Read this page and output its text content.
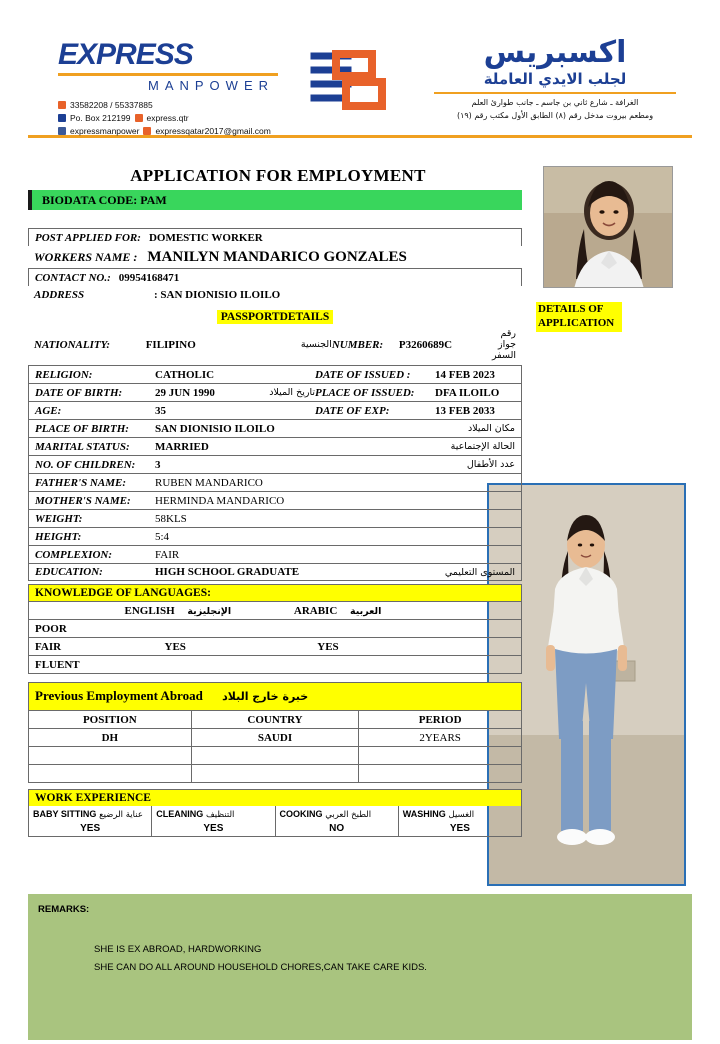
EXPRESS
MANPOWER
33582208 / 55337885
Po. Box 212199 express.qtr
expressmanpower expressqatar2017@gmail.com
اكسبريس
لجلب الايدي العاملة
الغرافة ـ شارع ثاني بن جاسم ـ جانب طوارئ العلم
ومطعم بيروت مدخل رقم (٨) الطابق الأول مكتب رقم (١٩)
APPLICATION FOR EMPLOYMENT
BIODATA CODE: PAM
DETAILS OF APPLICATION
POST APPLIED FOR: DOMESTIC WORKER
WORKERS NAME : MANILYN MANDARICO GONZALES
CONTACT NO.: 09954168471
ADDRESS	: SAN DIONISIO ILOILO
PASSPORTDETAILS
NATIONALITY:	FILIPINO	الجنسية NUMBER:	P3260689C
رقم جواز السفر
RELIGION:	CATHOLIC	DATE OF ISSUED :	14 FEB 2023
DATE OF BIRTH:	29 JUN 1990	تاريخ الميلاد PLACE OF ISSUED:	DFA ILOILO
AGE:	35	DATE OF EXP:	13 FEB 2033
PLACE OF BIRTH:	SAN DIONISIO ILOILO	مكان الميلاد
MARITAL STATUS:	MARRIED	الحالة الإجتماعية
NO. OF CHILDREN:	3	عدد الأطفال
FATHER'S NAME:	RUBEN MANDARICO
MOTHER'S NAME:	HERMINDA MANDARICO
WEIGHT:	58KLS
HEIGHT:	5:4
COMPLEXION:	FAIR
EDUCATION:	HIGH SCHOOL GRADUATE	المستوى التعليمي
KNOWLEDGE OF LANGUAGES:
	ENGLISH الإنجليزية ARABIC العربية
POOR	
FAIR	YES YES
FLUENT	
Previous Employment Abroad خبرة خارج البلاد
POSITION	COUNTRY	PERIOD
DH	SAUDI	2YEARS

WORK EXPERIENCE
BABY SITTING عناية الرضيع
YES

CLEANING التنظيف
YES

COOKING الطبخ العربي
NO

WASHING الغسيل
YES
REMARKS:
SHE IS EX ABROAD, HARDWORKING
SHE CAN DO ALL AROUND HOUSEHOLD CHORES,CAN TAKE CARE KIDS.
